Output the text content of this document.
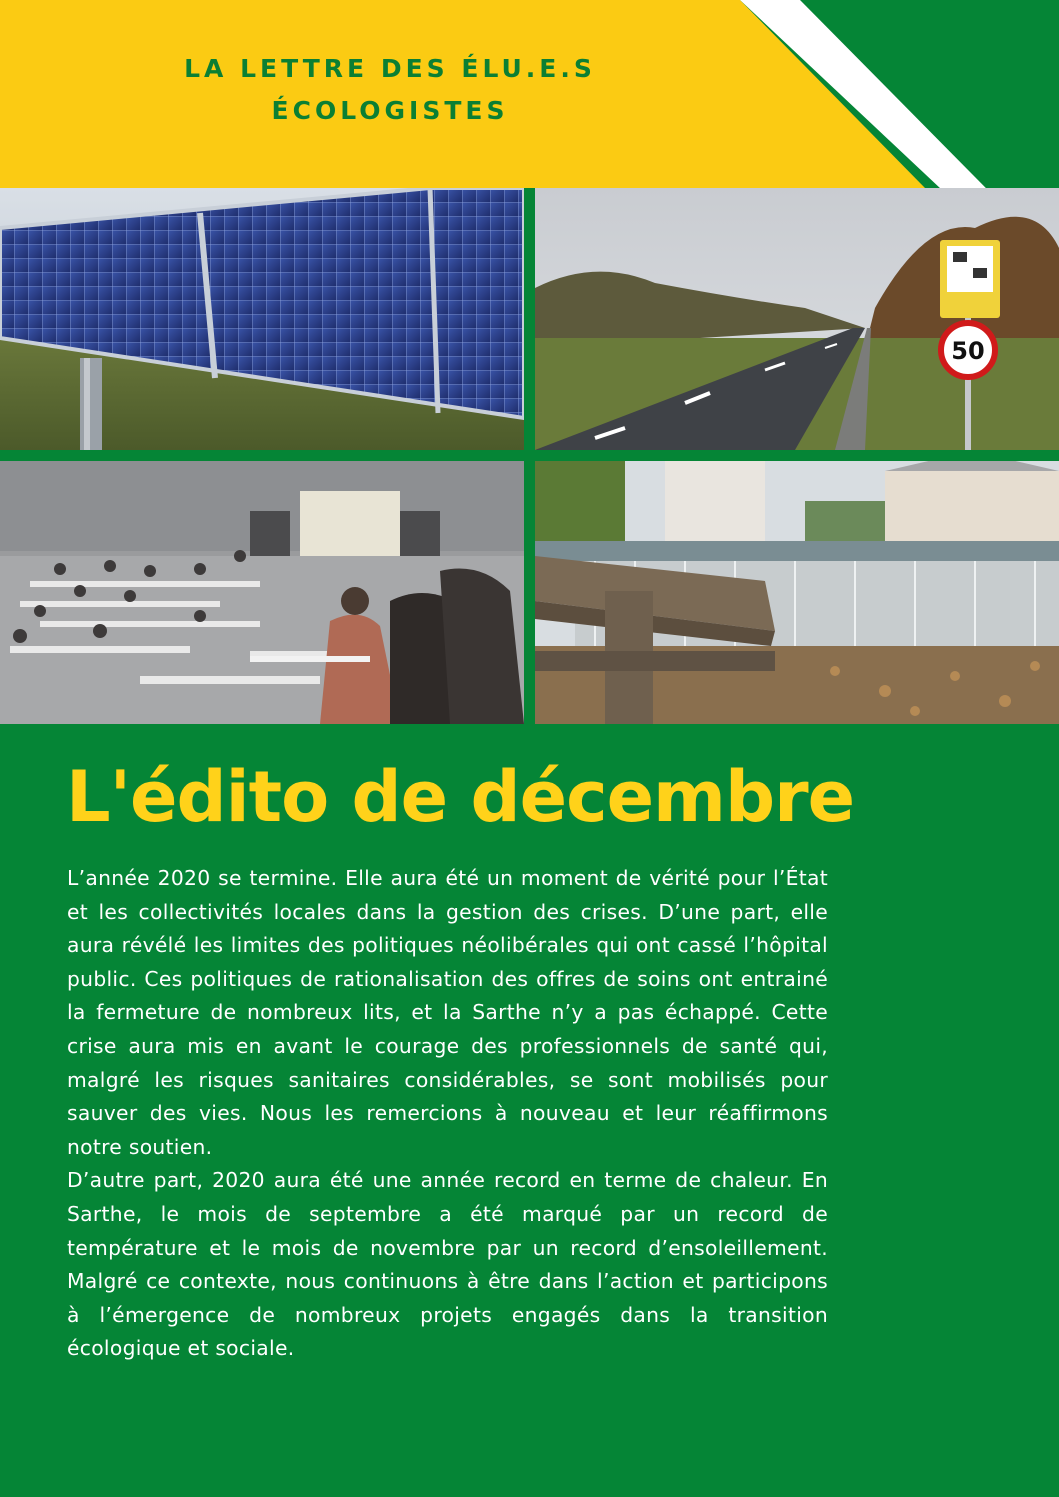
LA LETTRE DES ÉLU.E.S
ÉCOLOGISTES
50
L'édito de décembre

L’année 2020 se termine. Elle aura été un moment de vérité pour l’État et les collectivités locales dans la gestion des crises. D’une part, elle aura révélé les limites des politiques néolibérales qui ont cassé l’hôpital public. Ces politiques de rationalisation des offres de soins ont entrainé la fermeture de nombreux lits, et la Sarthe n’y a pas échappé. Cette crise aura mis en avant le courage des professionnels de santé qui, malgré les risques sanitaires considérables, se sont mobilisés pour sauver des vies. Nous les remercions à nouveau et leur réaffirmons notre soutien.

D’autre part, 2020 aura été une année record en terme de chaleur. En Sarthe, le mois de septembre a été marqué par un record de température et le mois de novembre par un record d’ensoleillement. Malgré ce contexte, nous continuons à être dans l’action et participons à l’émergence de nombreux projets engagés dans la transition écologique et sociale.
